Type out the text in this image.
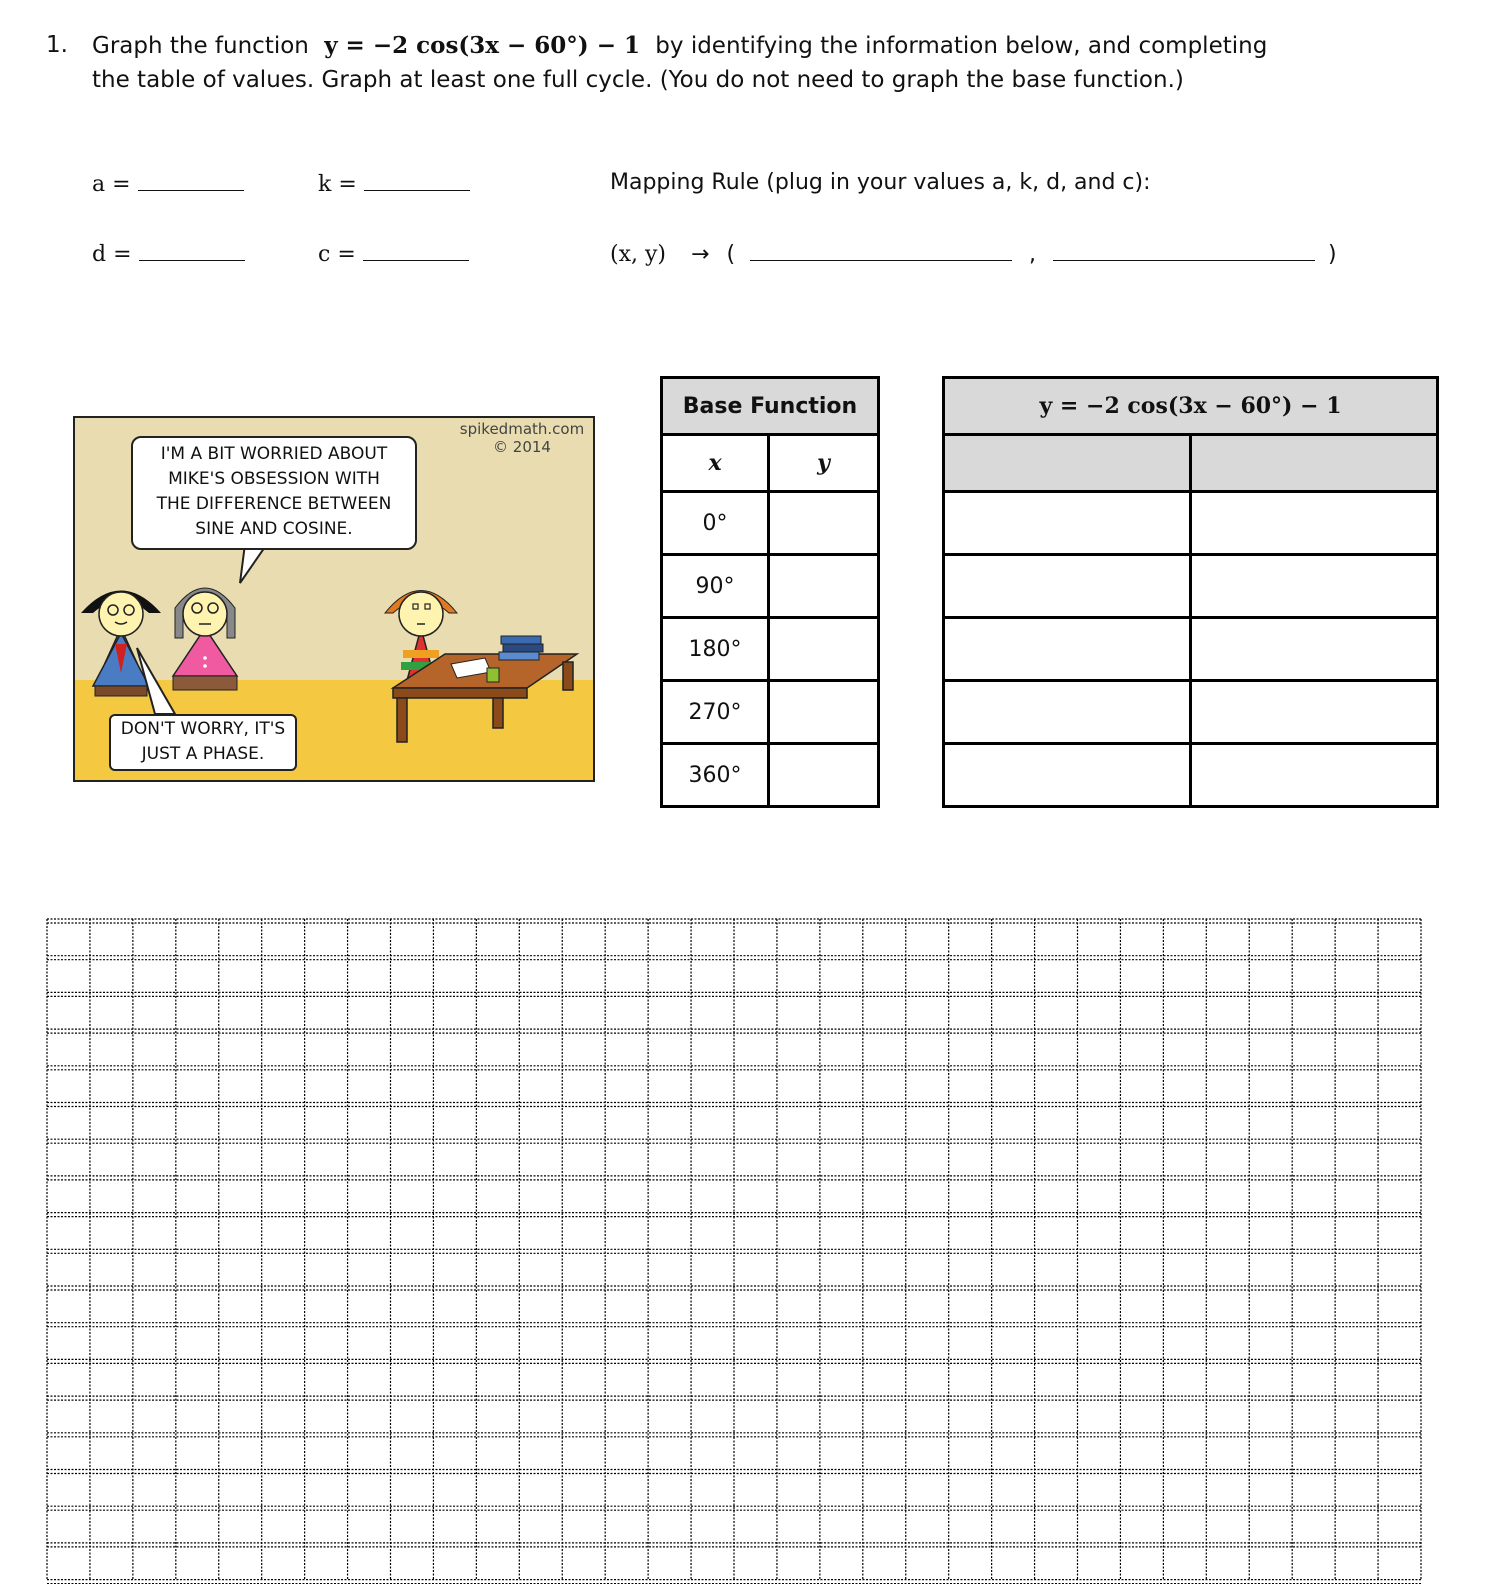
1. Graph the function y = −2 cos(3x − 60°) − 1 by identifying the information below, and completing
the table of values. Graph at least one full cycle. (You do not need to graph the base function.)
a =	k =
d =	c =
Mapping Rule (plug in your values a, k, d, and c):
(x, y) → (	,	)
spikedmath.com
© 2014
I'M A BIT WORRIED ABOUT
MIKE'S OBSESSION WITH
THE DIFFERENCE BETWEEN
SINE AND COSINE.
DON'T WORRY, IT'S
JUST A PHASE.
Base Function	
x	y
0°	
90°	
180°	
270°	
360°	
y = −2 cos(3x − 60°) − 1	
